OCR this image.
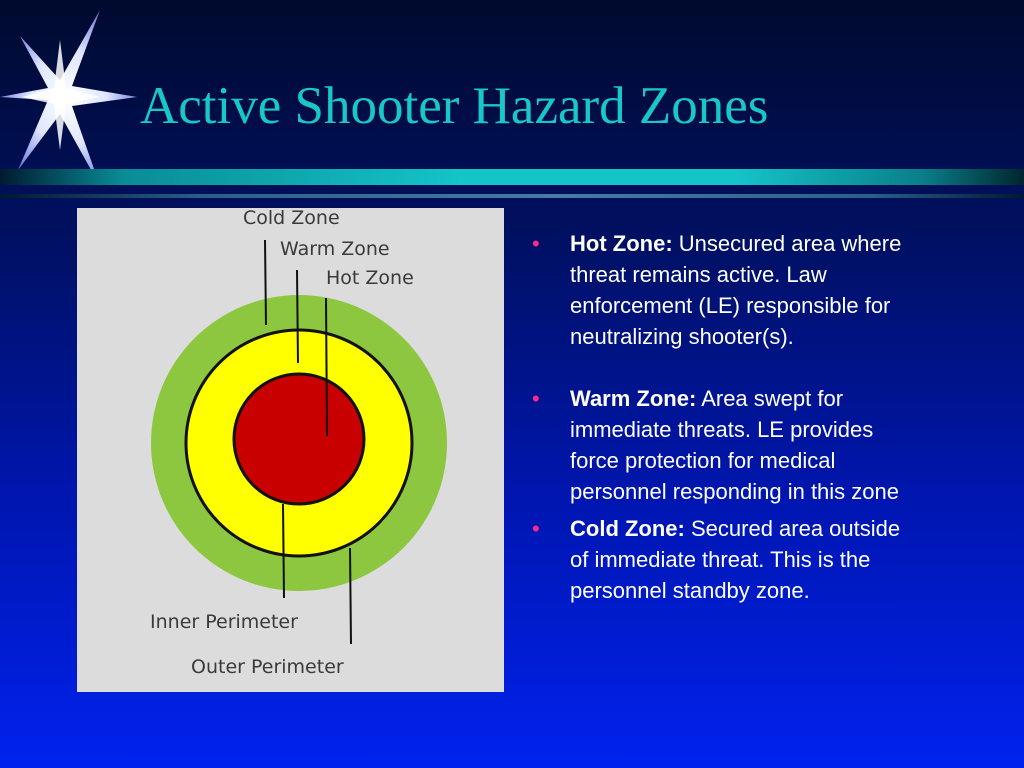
Active Shooter Hazard Zones
Cold Zone
Warm Zone
Hot Zone
Inner Perimeter
Outer Perimeter
• Hot Zone: Unsecured area where threat remains active. Law enforcement (LE) responsible for neutralizing shooter(s).
• Warm Zone: Area swept for immediate threats. LE provides force protection for medical personnel responding in this zone
• Cold Zone: Secured area outside of immediate threat. This is the personnel standby zone.
